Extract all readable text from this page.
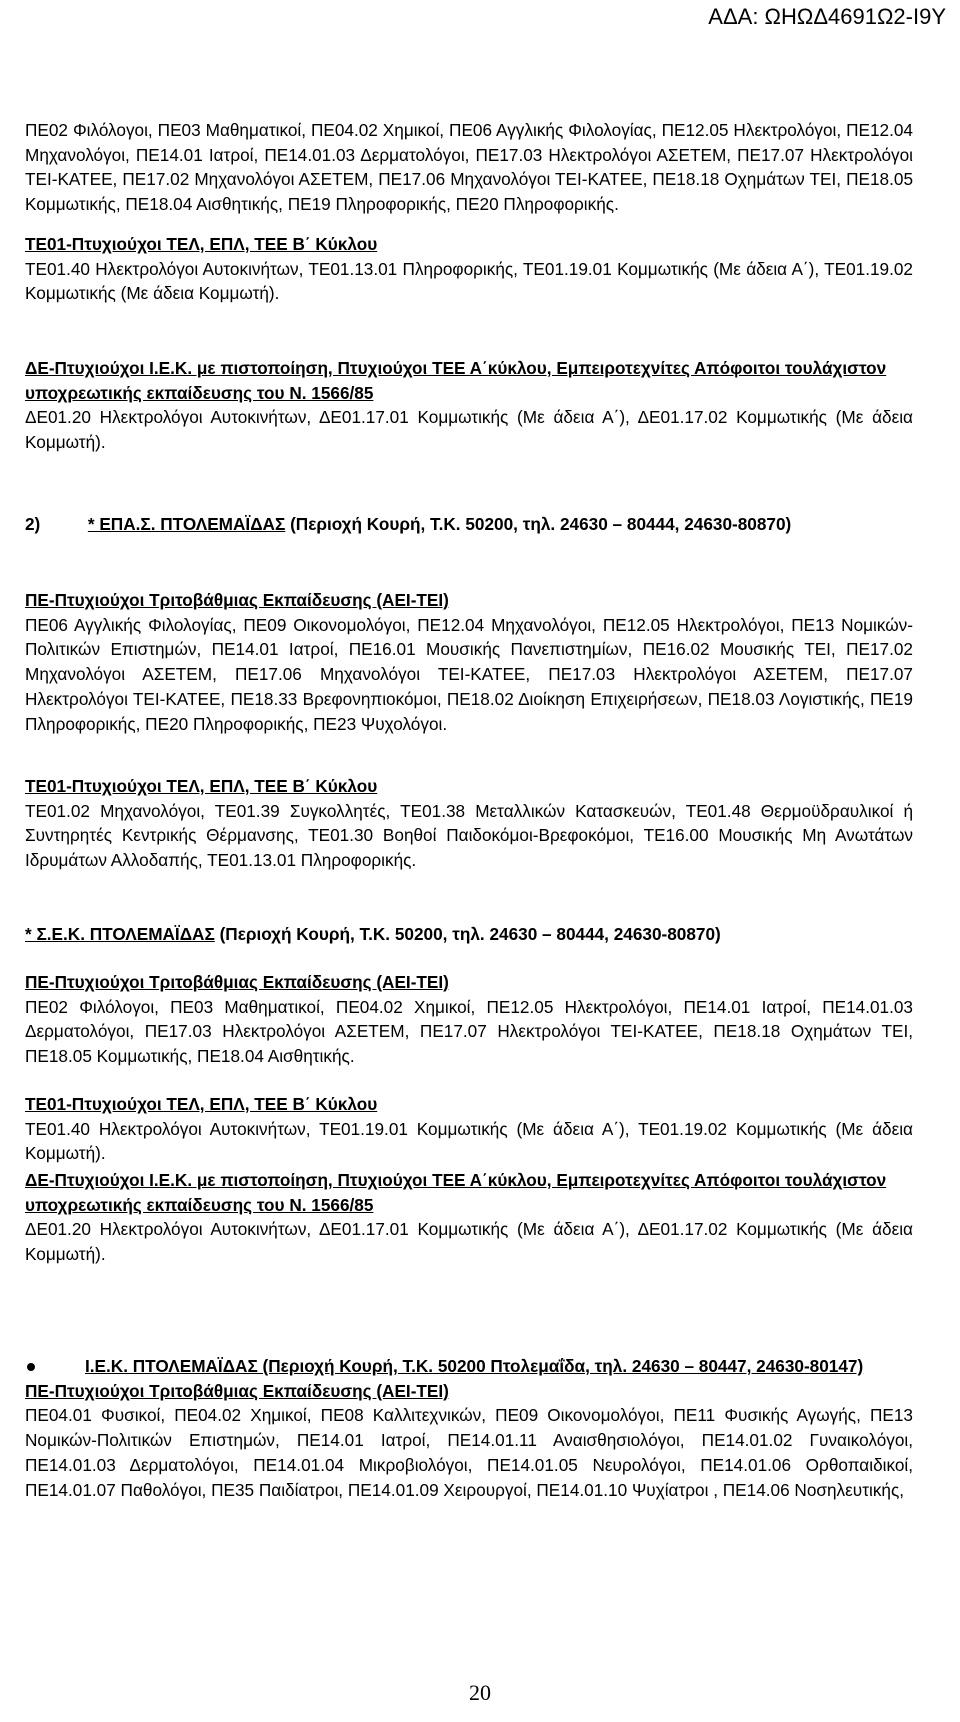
ΑΔΑ: ΩΗΩΔ4691Ω2-Ι9Υ

ΠΕ02 Φιλόλογοι, ΠΕ03 Μαθηματικοί, ΠΕ04.02 Χημικοί, ΠΕ06 Αγγλικής Φιλολογίας, ΠΕ12.05 Ηλεκτρολόγοι, ΠΕ12.04 Μηχανολόγοι, ΠΕ14.01 Ιατροί, ΠΕ14.01.03 Δερματολόγοι, ΠΕ17.03 Ηλεκτρολόγοι ΑΣΕΤΕΜ, ΠΕ17.07 Ηλεκτρολόγοι ΤΕΙ-ΚΑΤΕΕ, ΠΕ17.02 Μηχανολόγοι ΑΣΕΤΕΜ, ΠΕ17.06 Μηχανολόγοι ΤΕΙ-ΚΑΤΕΕ, ΠΕ18.18 Οχημάτων ΤΕΙ, ΠΕ18.05 Κομμωτικής, ΠΕ18.04 Αισθητικής, ΠΕ19 Πληροφορικής, ΠΕ20 Πληροφορικής.

ΤΕ01-Πτυχιούχοι ΤΕΛ, ΕΠΛ, ΤΕΕ Β΄ Κύκλου

ΤΕ01.40 Ηλεκτρολόγοι Αυτοκινήτων, ΤΕ01.13.01 Πληροφορικής, ΤΕ01.19.01 Κομμωτικής (Με άδεια Α΄), ΤΕ01.19.02 Κομμωτικής (Με άδεια Κομμωτή).

ΔΕ-Πτυχιούχοι Ι.Ε.Κ. με πιστοποίηση, Πτυχιούχοι ΤΕΕ Α΄κύκλου, Εμπειροτεχνίτες Απόφοιτοι τουλάχιστον υποχρεωτικής εκπαίδευσης του Ν. 1566/85

ΔΕ01.20 Ηλεκτρολόγοι Αυτοκινήτων, ΔΕ01.17.01 Κομμωτικής (Με άδεια Α΄), ΔΕ01.17.02 Κομμωτικής (Με άδεια Κομμωτή).

2)	* ΕΠΑ.Σ. ΠΤΟΛΕΜΑΪΔΑΣ (Περιοχή Κουρή, Τ.Κ. 50200, τηλ. 24630 – 80444, 24630-80870)

ΠΕ-Πτυχιούχοι Τριτοβάθμιας Εκπαίδευσης (ΑΕΙ-ΤΕΙ)

ΠΕ06 Αγγλικής Φιλολογίας, ΠΕ09 Οικονομολόγοι, ΠΕ12.04 Μηχανολόγοι, ΠΕ12.05 Ηλεκτρολόγοι, ΠΕ13 Νομικών-Πολιτικών Επιστημών, ΠΕ14.01 Ιατροί, ΠΕ16.01 Μουσικής Πανεπιστημίων, ΠΕ16.02 Μουσικής ΤΕΙ, ΠΕ17.02 Μηχανολόγοι ΑΣΕΤΕΜ, ΠΕ17.06 Μηχανολόγοι ΤΕΙ-ΚΑΤΕΕ, ΠΕ17.03 Ηλεκτρολόγοι ΑΣΕΤΕΜ, ΠΕ17.07 Ηλεκτρολόγοι ΤΕΙ-ΚΑΤΕΕ, ΠΕ18.33 Βρεφονηπιοκόμοι, ΠΕ18.02 Διοίκηση Επιχειρήσεων, ΠΕ18.03 Λογιστικής, ΠΕ19 Πληροφορικής, ΠΕ20 Πληροφορικής, ΠΕ23 Ψυχολόγοι.

ΤΕ01-Πτυχιούχοι ΤΕΛ, ΕΠΛ, ΤΕΕ Β΄ Κύκλου

ΤΕ01.02 Μηχανολόγοι, ΤΕ01.39 Συγκολλητές, ΤΕ01.38 Μεταλλικών Κατασκευών, ΤΕ01.48 Θερμοϋδραυλικοί ή Συντηρητές Κεντρικής Θέρμανσης, ΤΕ01.30 Βοηθοί Παιδοκόμοι-Βρεφοκόμοι, ΤΕ16.00 Μουσικής Μη Ανωτάτων Ιδρυμάτων Αλλοδαπής, ΤΕ01.13.01 Πληροφορικής.

* Σ.Ε.Κ. ΠΤΟΛΕΜΑΪΔΑΣ (Περιοχή Κουρή, Τ.Κ. 50200, τηλ. 24630 – 80444, 24630-80870)

ΠΕ-Πτυχιούχοι Τριτοβάθμιας Εκπαίδευσης (ΑΕΙ-ΤΕΙ)

ΠΕ02 Φιλόλογοι, ΠΕ03 Μαθηματικοί, ΠΕ04.02 Χημικοί, ΠΕ12.05 Ηλεκτρολόγοι, ΠΕ14.01 Ιατροί, ΠΕ14.01.03 Δερματολόγοι, ΠΕ17.03 Ηλεκτρολόγοι ΑΣΕΤΕΜ, ΠΕ17.07 Ηλεκτρολόγοι ΤΕΙ-ΚΑΤΕΕ, ΠΕ18.18 Οχημάτων ΤΕΙ, ΠΕ18.05 Κομμωτικής, ΠΕ18.04 Αισθητικής.

ΤΕ01-Πτυχιούχοι ΤΕΛ, ΕΠΛ, ΤΕΕ Β΄ Κύκλου

ΤΕ01.40 Ηλεκτρολόγοι Αυτοκινήτων, ΤΕ01.19.01 Κομμωτικής (Με άδεια Α΄), ΤΕ01.19.02 Κομμωτικής (Με άδεια Κομμωτή).

ΔΕ-Πτυχιούχοι Ι.Ε.Κ. με πιστοποίηση, Πτυχιούχοι ΤΕΕ Α΄κύκλου, Εμπειροτεχνίτες Απόφοιτοι τουλάχιστον υποχρεωτικής εκπαίδευσης του Ν. 1566/85

ΔΕ01.20 Ηλεκτρολόγοι Αυτοκινήτων, ΔΕ01.17.01 Κομμωτικής (Με άδεια Α΄), ΔΕ01.17.02 Κομμωτικής (Με άδεια Κομμωτή).

Ι.Ε.Κ. ΠΤΟΛΕΜΑΪΔΑΣ (Περιοχή Κουρή, Τ.Κ. 50200 Πτολεμαΐδα, τηλ. 24630 – 80447, 24630-80147)

ΠΕ-Πτυχιούχοι Τριτοβάθμιας Εκπαίδευσης (ΑΕΙ-ΤΕΙ)

ΠΕ04.01 Φυσικοί, ΠΕ04.02 Χημικοί, ΠΕ08 Καλλιτεχνικών, ΠΕ09 Οικονομολόγοι, ΠΕ11 Φυσικής Αγωγής, ΠΕ13 Νομικών-Πολιτικών Επιστημών, ΠΕ14.01 Ιατροί, ΠΕ14.01.11 Αναισθησιολόγοι, ΠΕ14.01.02 Γυναικολόγοι, ΠΕ14.01.03 Δερματολόγοι, ΠΕ14.01.04 Μικροβιολόγοι, ΠΕ14.01.05 Νευρολόγοι, ΠΕ14.01.06 Ορθοπαιδικοί, ΠΕ14.01.07 Παθολόγοι, ΠΕ35 Παιδίατροι, ΠΕ14.01.09 Χειρουργοί, ΠΕ14.01.10 Ψυχίατροι , ΠΕ14.06 Νοσηλευτικής,

20
